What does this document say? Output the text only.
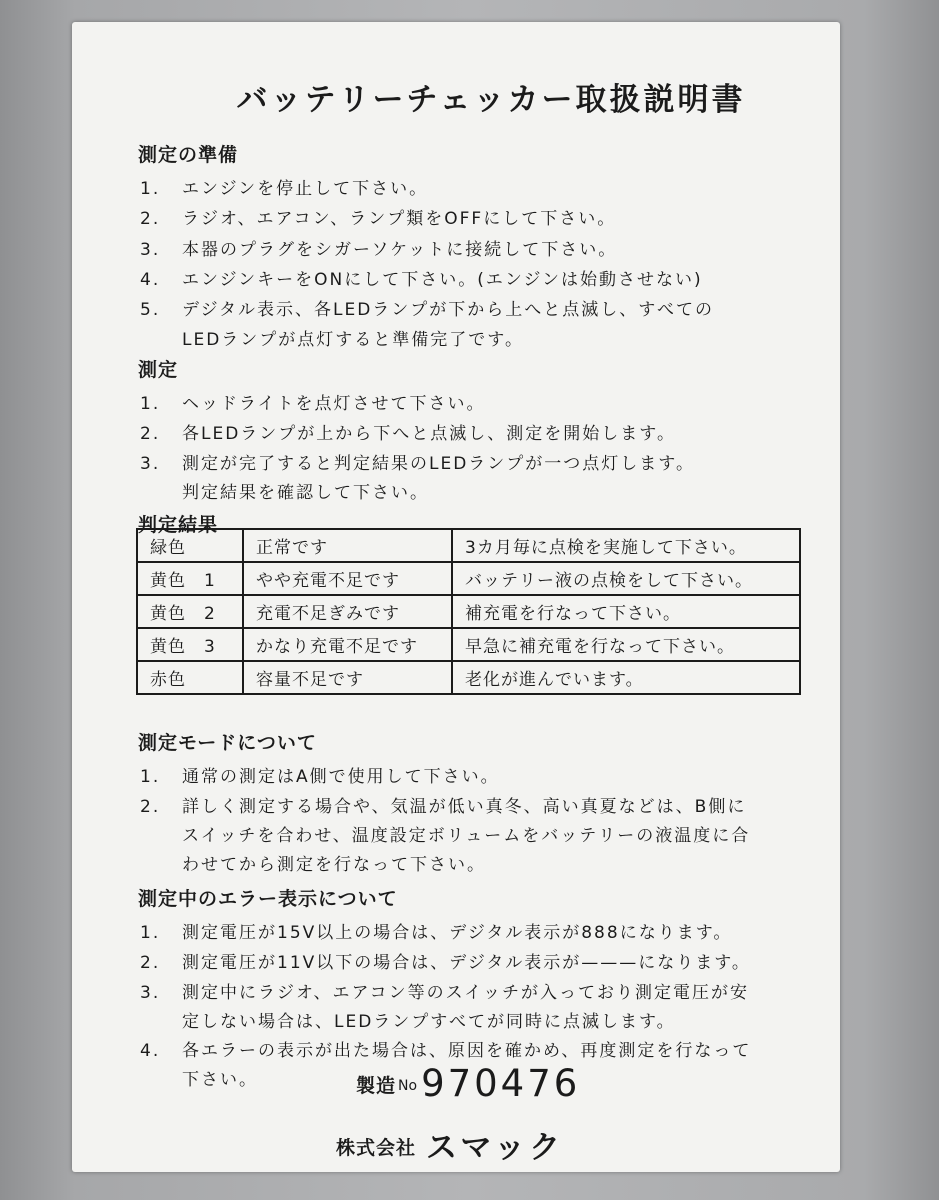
バッテリーチェッカー取扱説明書
測定の準備
1. エンジンを停止して下さい。
2. ラジオ、エアコン、ランプ類をOFFにして下さい。
3. 本器のプラグをシガーソケットに接続して下さい。
4. エンジンキーをONにして下さい。(エンジンは始動させない)
5. デジタル表示、各LEDランプが下から上へと点滅し、すべての
LEDランプが点灯すると準備完了です。
測定
1. ヘッドライトを点灯させて下さい。
2. 各LEDランプが上から下へと点滅し、測定を開始します。
3. 測定が完了すると判定結果のLEDランプが一つ点灯します。
判定結果を確認して下さい。
判定結果
緑色	正常です	3カ月毎に点検を実施して下さい。
黄色　1	やや充電不足です	バッテリー液の点検をして下さい。
黄色　2	充電不足ぎみです	補充電を行なって下さい。
黄色　3	かなり充電不足です	早急に補充電を行なって下さい。
赤色	容量不足です	老化が進んでいます。
測定モードについて
1. 通常の測定はA側で使用して下さい。
2. 詳しく測定する場合や、気温が低い真冬、高い真夏などは、B側に
スイッチを合わせ、温度設定ボリュームをバッテリーの液温度に合
わせてから測定を行なって下さい。
測定中のエラー表示について
1. 測定電圧が15V以上の場合は、デジタル表示が888になります。
2. 測定電圧が11V以下の場合は、デジタル表示が———になります。
3. 測定中にラジオ、エアコン等のスイッチが入っており測定電圧が安
定しない場合は、LEDランプすべてが同時に点滅します。
4. 各エラーの表示が出た場合は、原因を確かめ、再度測定を行なって
下さい。	製造 No 970476
株式会社 スマック
